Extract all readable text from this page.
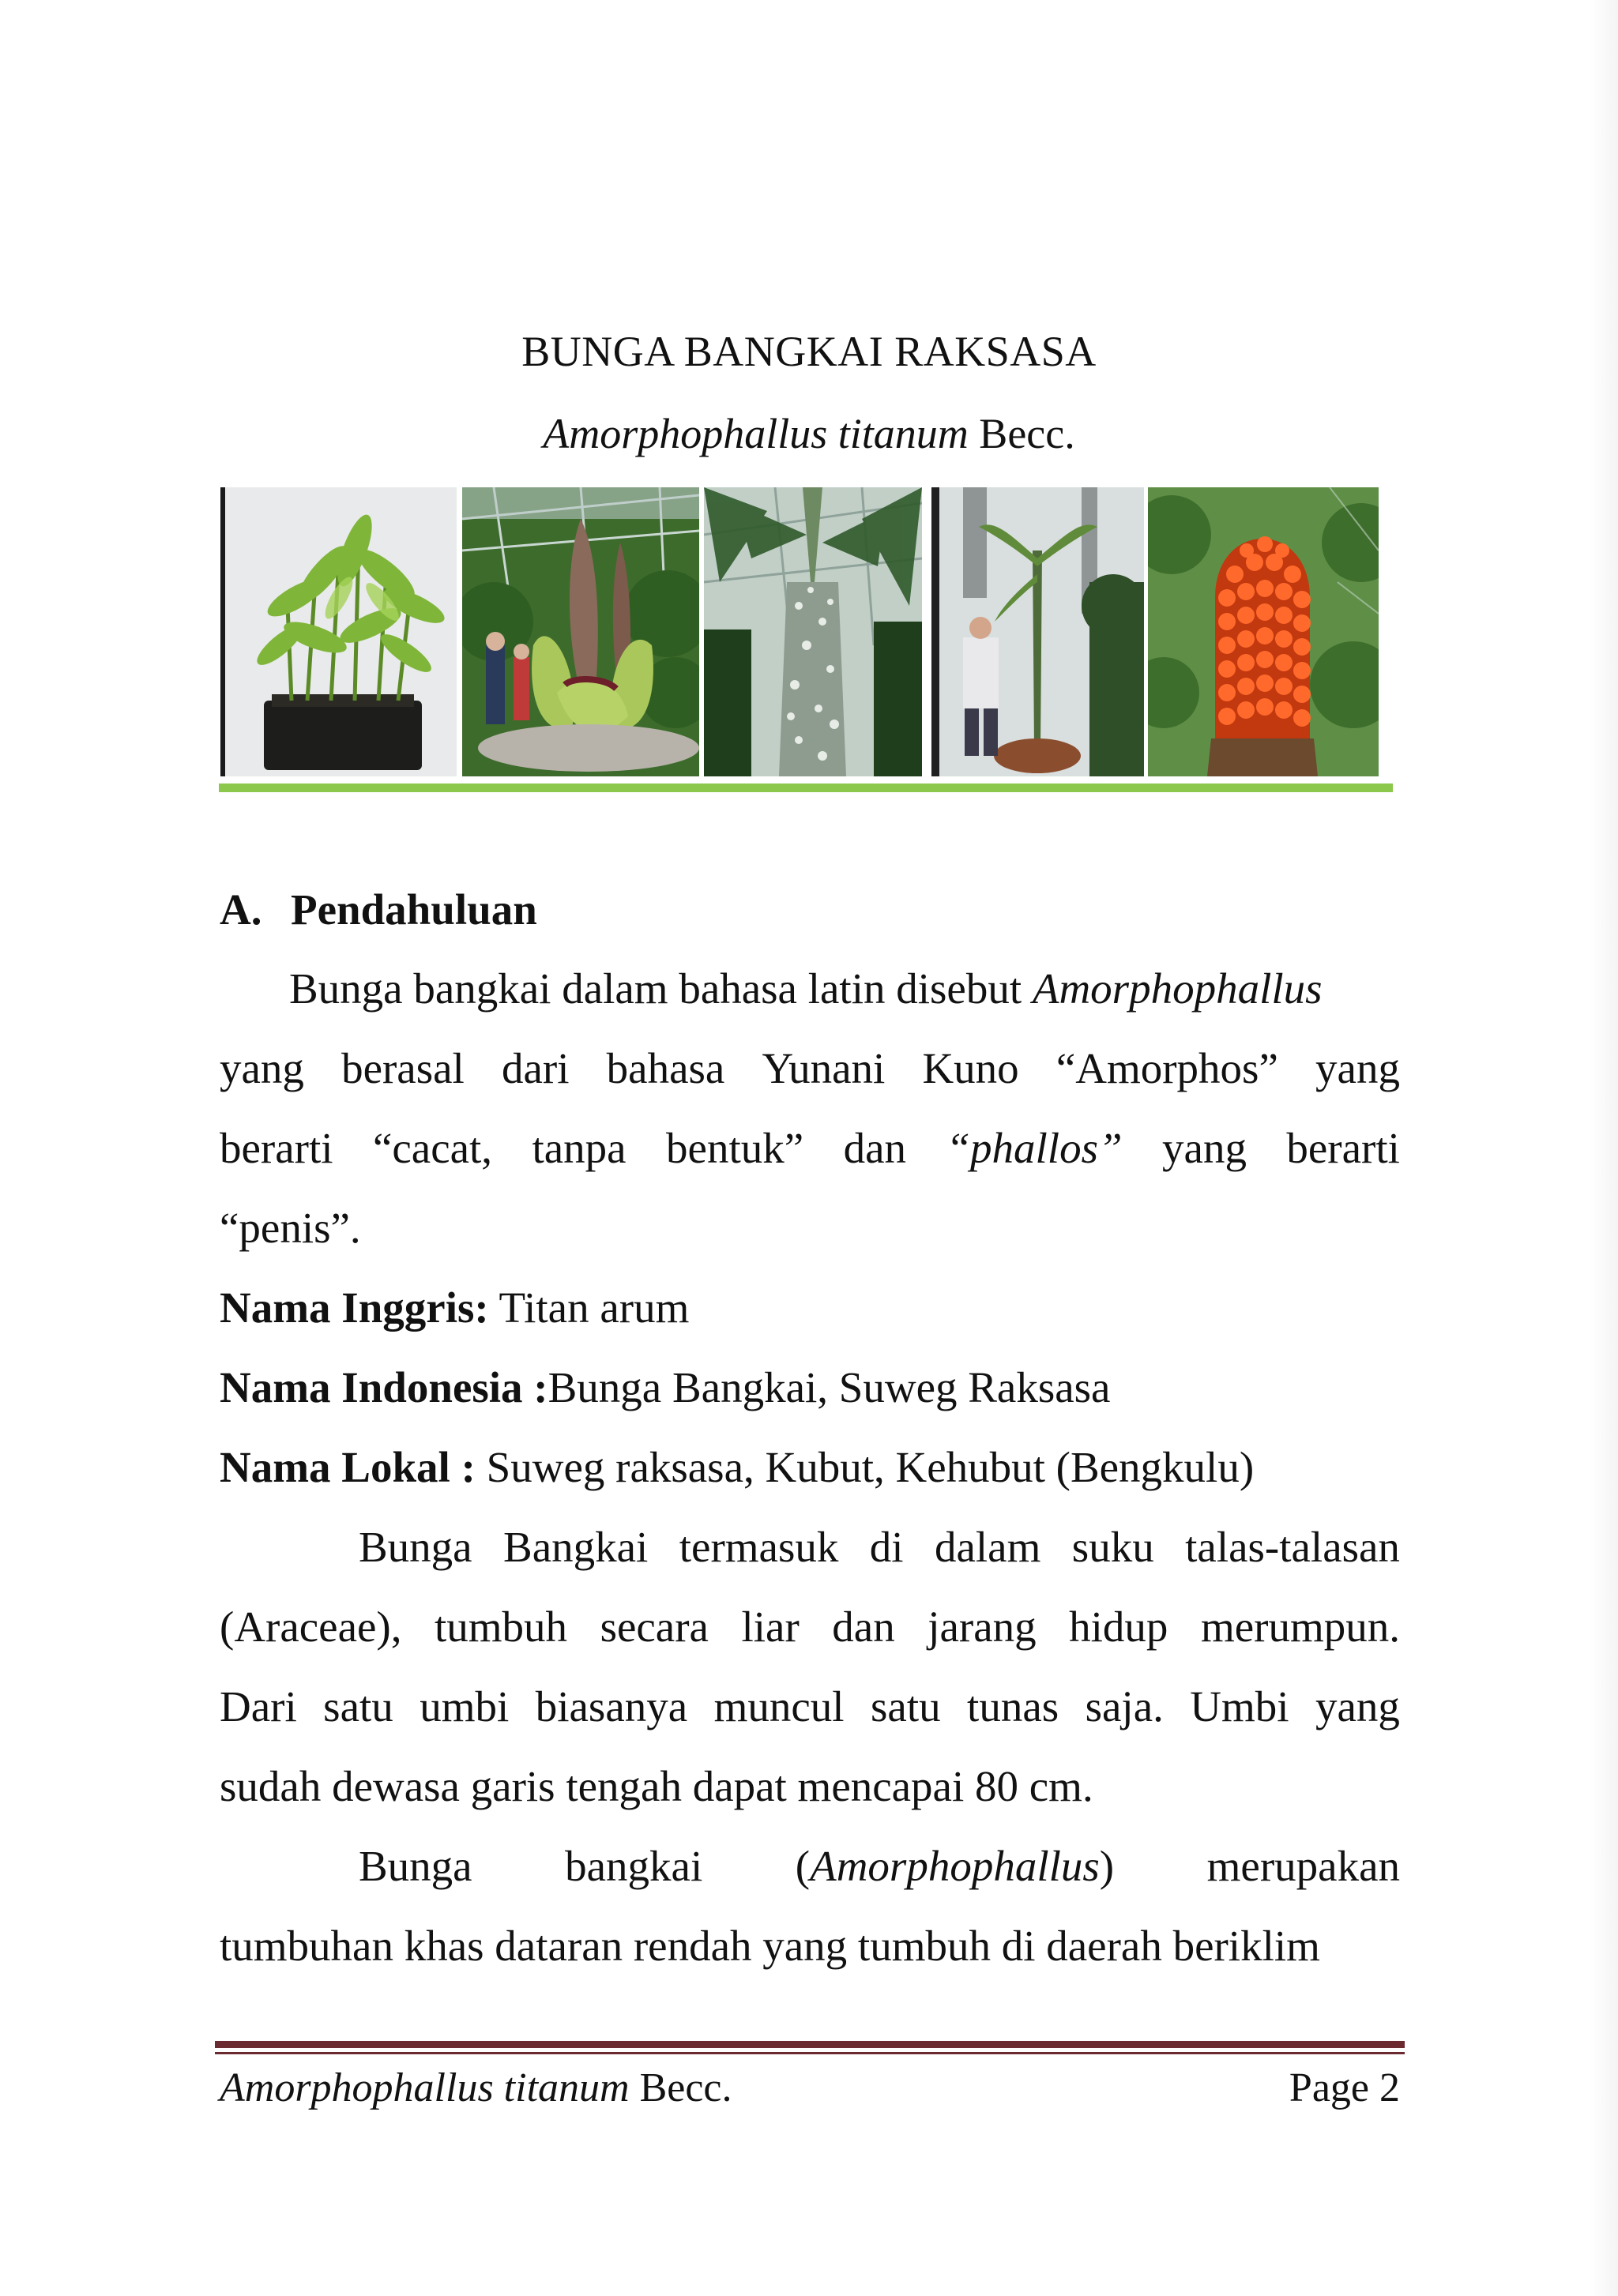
BUNGA BANGKAI RAKSASA
Amorphophallus titanum Becc.
A. Pendahuluan
Bunga bangkai dalam bahasa latin disebut Amorphophallus
yang berasal dari bahasa Yunani Kuno “Amorphos” yang
berarti “cacat, tanpa bentuk” dan “phallos” yang berarti
“penis”.
Nama Inggris: Titan arum
Nama Indonesia :Bunga Bangkai, Suweg Raksasa
Nama Lokal : Suweg raksasa, Kubut, Kehubut (Bengkulu)
Bunga Bangkai termasuk di dalam suku talas-talasan
(Araceae), tumbuh secara liar dan jarang hidup merumpun.
Dari satu umbi biasanya muncul satu tunas saja. Umbi yang
sudah dewasa garis tengah dapat mencapai 80 cm.
Bunga bangkai (Amorphophallus) merupakan
tumbuhan khas dataran rendah yang tumbuh di daerah beriklim
Amorphophallus titanum Becc.	Page 2
